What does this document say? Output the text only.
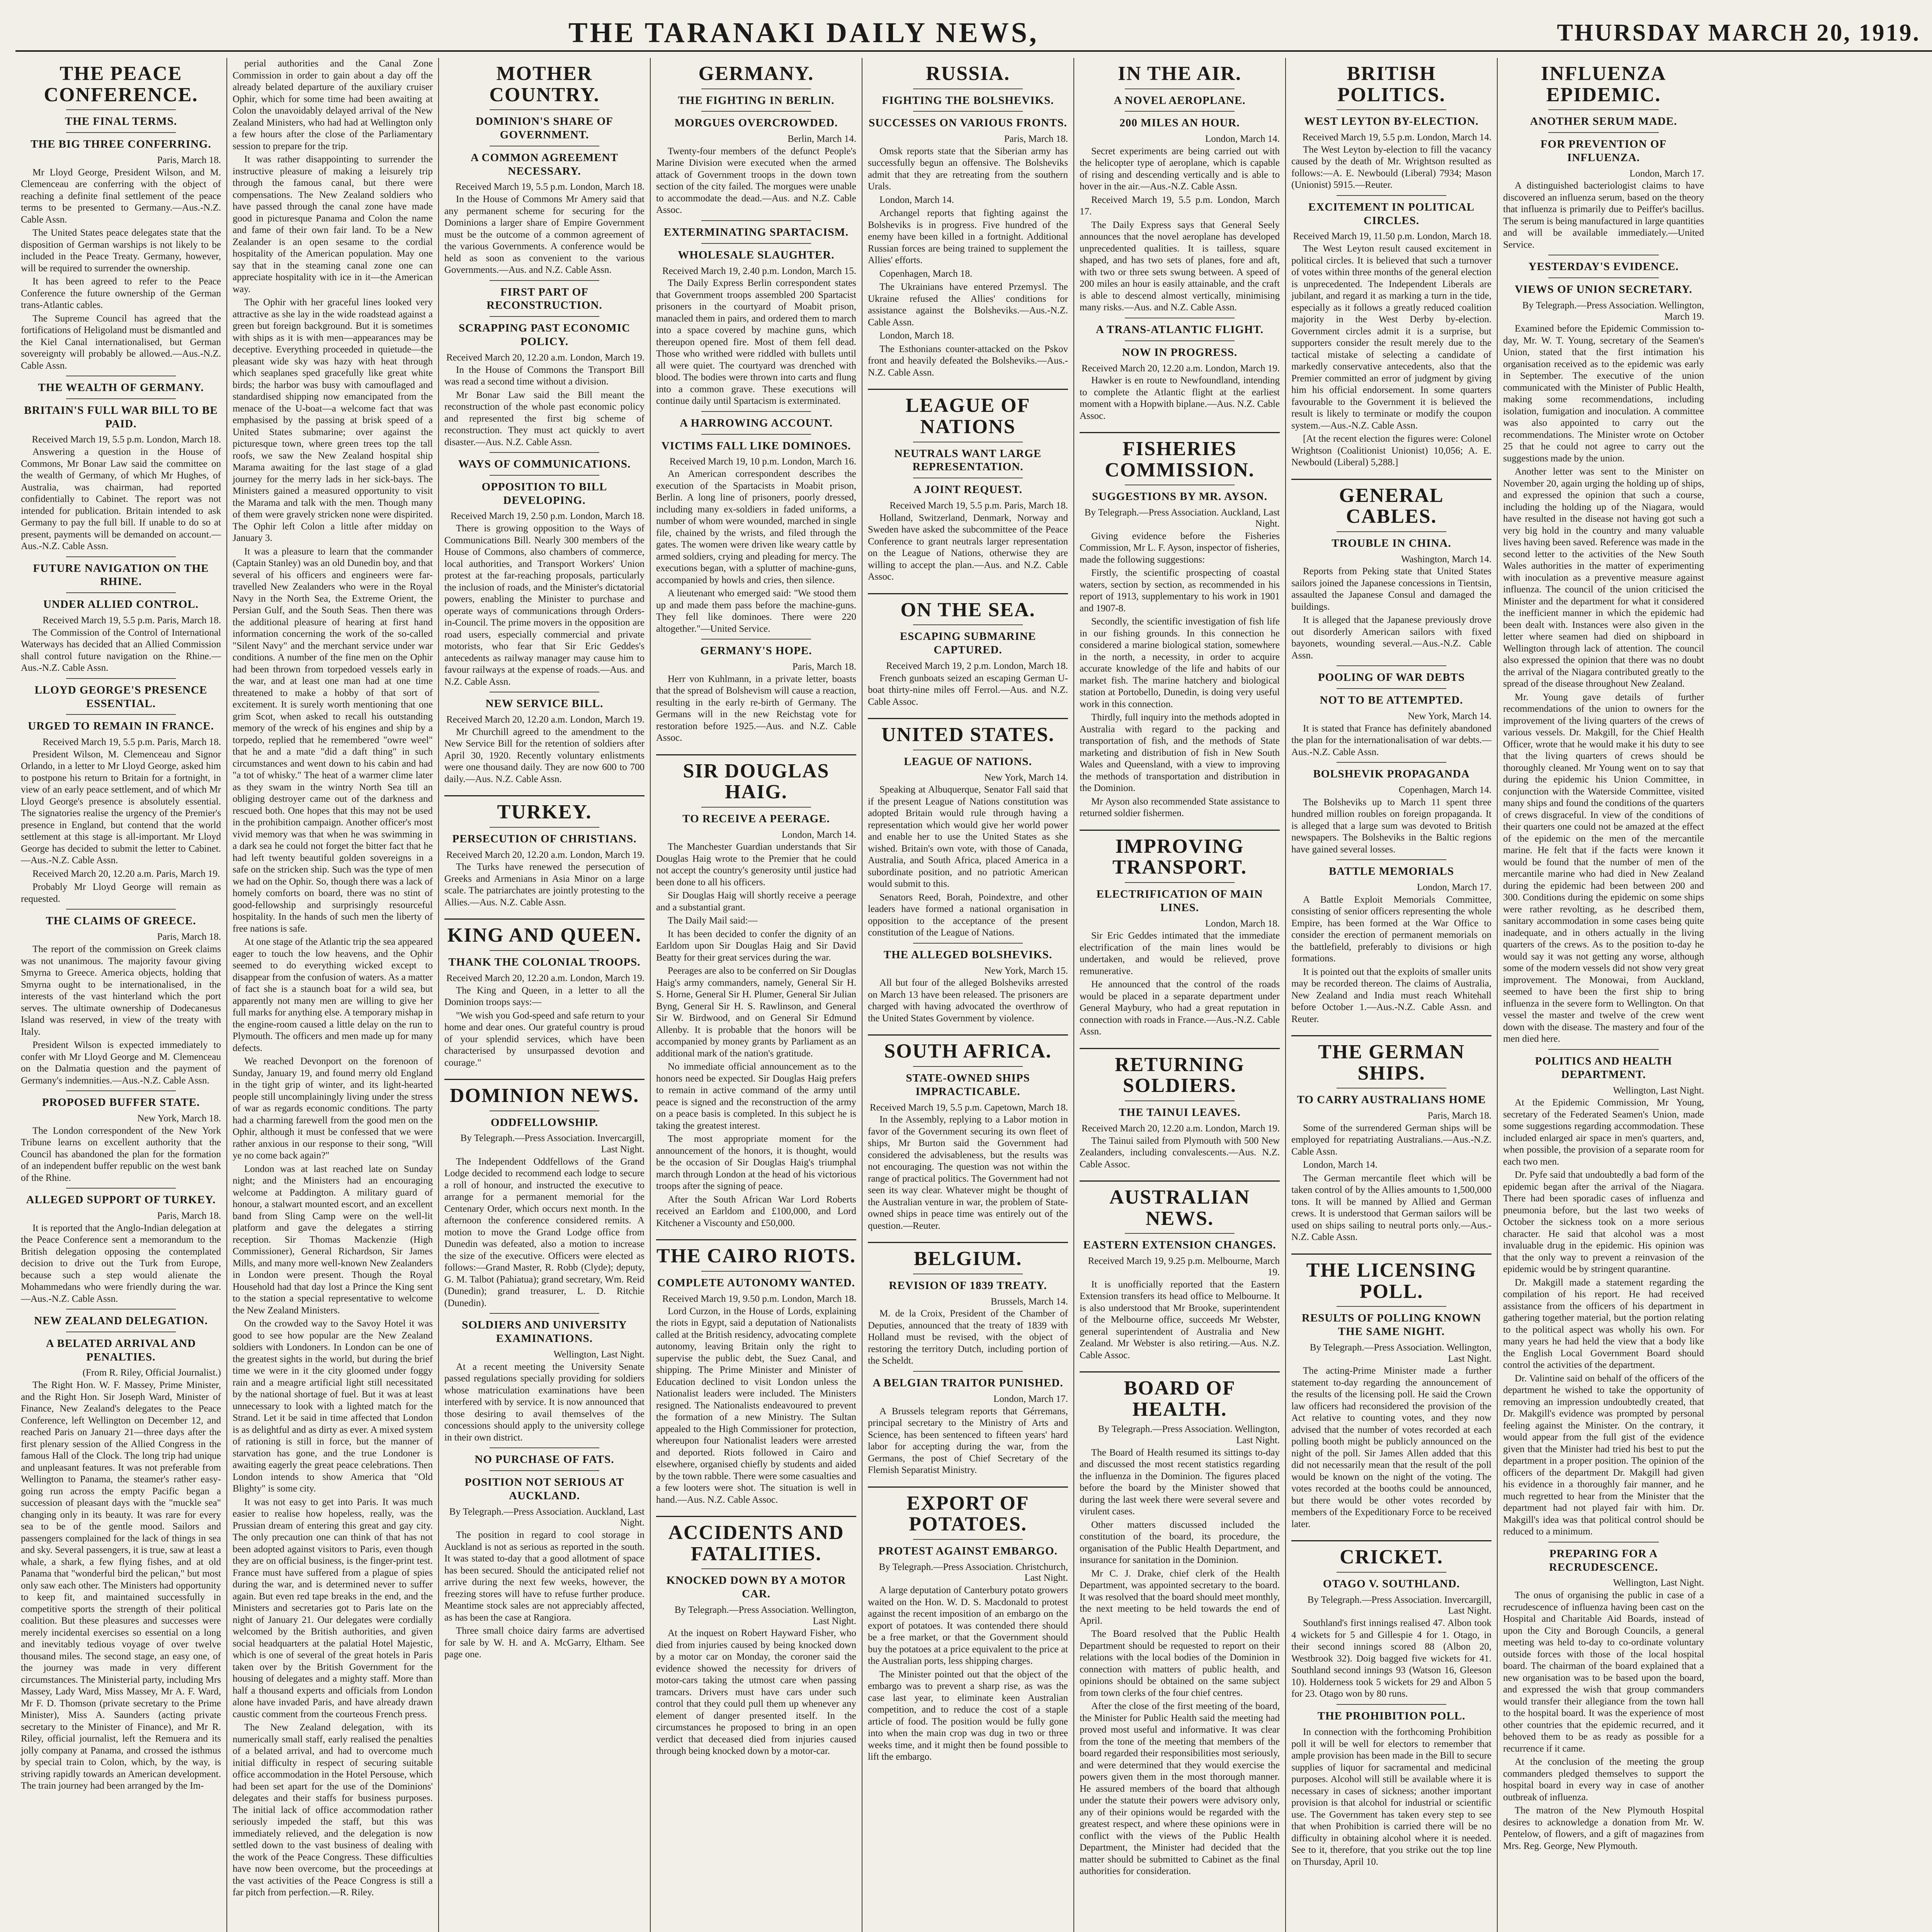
THE TARANAKI DAILY NEWS,	THURSDAY MARCH 20, 1919.
THE PEACE CONFERENCE.
THE FINAL TERMS.
THE BIG THREE CONFERRING.
Paris, March 18.

Mr Lloyd George, President Wilson, and M. Clemenceau are conferring with the object of reaching a definite final settlement of the peace terms to be presented to Germany.—Aus.-N.Z. Cable Assn.

The United States peace delegates state that the disposition of German warships is not likely to be included in the Peace Treaty. Germany, however, will be required to surrender the ownership.

It has been agreed to refer to the Peace Conference the future ownership of the German trans-Atlantic cables.

The Supreme Council has agreed that the fortifications of Heligoland must be dismantled and the Kiel Canal internationalised, but German sovereignty will probably be allowed.—Aus.-N.Z. Cable Assn.

THE WEALTH OF GERMANY.
BRITAIN'S FULL WAR BILL TO BE PAID.
Received March 19, 5.5 p.m. London, March 18.

Answering a question in the House of Commons, Mr Bonar Law said the committee on the wealth of Germany, of which Mr Hughes, of Australia, was chairman, had reported confidentially to Cabinet. The report was not intended for publication. Britain intended to ask Germany to pay the full bill. If unable to do so at present, payments will be demanded on account.—Aus.-N.Z. Cable Assn.

FUTURE NAVIGATION ON THE RHINE.
UNDER ALLIED CONTROL.
Received March 19, 5.5 p.m. Paris, March 18.

The Commission of the Control of International Waterways has decided that an Allied Commission shall control future navigation on the Rhine.—Aus.-N.Z. Cable Assn.

LLOYD GEORGE'S PRESENCE ESSENTIAL.
URGED TO REMAIN IN FRANCE.
Received March 19, 5.5 p.m. Paris, March 18.

President Wilson, M. Clemenceau and Signor Orlando, in a letter to Mr Lloyd George, asked him to postpone his return to Britain for a fortnight, in view of an early peace settlement, and of which Mr Lloyd George's presence is absolutely essential. The signatories realise the urgency of the Premier's presence in England, but contend that the world settlement at this stage is all-important. Mr Lloyd George has decided to submit the letter to Cabinet.—Aus.-N.Z. Cable Assn.

Received March 20, 12.20 a.m. Paris, March 19.

Probably Mr Lloyd George will remain as requested.

THE CLAIMS OF GREECE.
Paris, March 18.

The report of the commission on Greek claims was not unanimous. The majority favour giving Smyrna to Greece. America objects, holding that Smyrna ought to be internationalised, in the interests of the vast hinterland which the port serves. The ultimate ownership of Dodecanesus Island was reserved, in view of the treaty with Italy.

President Wilson is expected immediately to confer with Mr Lloyd George and M. Clemenceau on the Dalmatia question and the payment of Germany's indemnities.—Aus.-N.Z. Cable Assn.

PROPOSED BUFFER STATE.
New York, March 18.

The London correspondent of the New York Tribune learns on excellent authority that the Council has abandoned the plan for the formation of an independent buffer republic on the west bank of the Rhine.

ALLEGED SUPPORT OF TURKEY.
Paris, March 18.

It is reported that the Anglo-Indian delegation at the Peace Conference sent a memorandum to the British delegation opposing the contemplated decision to drive out the Turk from Europe, because such a step would alienate the Mohammedans who were friendly during the war.—Aus.-N.Z. Cable Assn.

NEW ZEALAND DELEGATION.
A BELATED ARRIVAL AND PENALTIES.
(From R. Riley, Official Journalist.)

The Right Hon. W. F. Massey, Prime Minister, and the Right Hon. Sir Joseph Ward, Minister of Finance, New Zealand's delegates to the Peace Conference, left Wellington on December 12, and reached Paris on January 21—three days after the first plenary session of the Allied Congress in the famous Hall of the Clock. The long trip had unique and unpleasant features. It was not preferable from Wellington to Panama, the steamer's rather easy-going run across the empty Pacific began a succession of pleasant days with the "muckle sea" changing only in its beauty. It was rare for every sea to be of the gentle mood. Sailors and passengers complained for the lack of things in sea and sky. Several passengers, it is true, saw at least a whale, a shark, a few flying fishes, and at old Panama that "wonderful bird the pelican," but most only saw each other. The Ministers had opportunity to keep fit, and maintained successfully in competitive sports the strength of their political coalition. But these pleasures and successes were merely incidental exercises so essential on a long and inevitably tedious voyage of over twelve thousand miles. The second stage, an easy one, of the journey was made in very different circumstances. The Ministerial party, including Mrs Massey, Lady Ward, Miss Massey, Mr A. F. Ward, Mr F. D. Thomson (private secretary to the Prime Minister), Miss A. Saunders (acting private secretary to the Minister of Finance), and Mr R. Riley, official journalist, left the Remuera and its jolly company at Panama, and crossed the isthmus by special train to Colon, which, by the way, is striving rapidly towards an American development. The train journey had been arranged by the Im-

perial authorities and the Canal Zone Commission in order to gain about a day off the already belated departure of the auxiliary cruiser Ophir, which for some time had been awaiting at Colon the unavoidably delayed arrival of the New Zealand Ministers, who had had at Wellington only a few hours after the close of the Parliamentary session to prepare for the trip.

It was rather disappointing to surrender the instructive pleasure of making a leisurely trip through the famous canal, but there were compensations. The New Zealand soldiers who have passed through the canal zone have made good in picturesque Panama and Colon the name and fame of their own fair land. To be a New Zealander is an open sesame to the cordial hospitality of the American population. May one say that in the steaming canal zone one can appreciate hospitality with ice in it—the American way.

The Ophir with her graceful lines looked very attractive as she lay in the wide roadstead against a green but foreign background. But it is sometimes with ships as it is with men—appearances may be deceptive. Everything proceeded in quietude—the pleasant wide sky was hazy with heat through which seaplanes sped gracefully like great white birds; the harbor was busy with camouflaged and standardised shipping now emancipated from the menace of the U-boat—a welcome fact that was emphasised by the passing at brisk speed of a United States submarine; over against the picturesque town, where green trees top the tall roofs, we saw the New Zealand hospital ship Marama awaiting for the last stage of a glad journey for the merry lads in her sick-bays. The Ministers gained a measured opportunity to visit the Marama and talk with the men. Though many of them were gravely stricken none were dispirited. The Ophir left Colon a little after midday on January 3.

It was a pleasure to learn that the commander (Captain Stanley) was an old Dunedin boy, and that several of his officers and engineers were far-travelled New Zealanders who were in the Royal Navy in the North Sea, the Extreme Orient, the Persian Gulf, and the South Seas. Then there was the additional pleasure of hearing at first hand information concerning the work of the so-called "Silent Navy" and the merchant service under war conditions. A number of the fine men on the Ophir had been thrown from torpedoed vessels early in the war, and at least one man had at one time threatened to make a hobby of that sort of excitement. It is surely worth mentioning that one grim Scot, when asked to recall his outstanding memory of the wreck of his engines and ship by a torpedo, replied that he remembered "owre weel" that he and a mate "did a daft thing" in such circumstances and went down to his cabin and had "a tot of whisky." The heat of a warmer clime later as they swam in the wintry North Sea till an obliging destroyer came out of the darkness and rescued both. One hopes that this may not be used in the prohibition campaign. Another officer's most vivid memory was that when he was swimming in a dark sea he could not forget the bitter fact that he had left twenty beautiful golden sovereigns in a safe on the stricken ship. Such was the type of men we had on the Ophir. So, though there was a lack of homely comforts on board, there was no stint of good-fellowship and surprisingly resourceful hospitality. In the hands of such men the liberty of free nations is safe.

At one stage of the Atlantic trip the sea appeared eager to touch the low heavens, and the Ophir seemed to do everything wicked except to disappear from the confusion of waters. As a matter of fact she is a staunch boat for a wild sea, but apparently not many men are willing to give her full marks for anything else. A temporary mishap in the engine-room caused a little delay on the run to Plymouth. The officers and men made up for many defects.

We reached Devonport on the forenoon of Sunday, January 19, and found merry old England in the tight grip of winter, and its light-hearted people still uncomplainingly living under the stress of war as regards economic conditions. The party had a charming farewell from the good men on the Ophir, although it must be confessed that we were rather anxious in our response to their song, "Will ye no come back again?"

London was at last reached late on Sunday night; and the Ministers had an encouraging welcome at Paddington. A military guard of honour, a stalwart mounted escort, and an excellent band from Sling Camp were on the well-lit platform and gave the delegates a stirring reception. Sir Thomas Mackenzie (High Commissioner), General Richardson, Sir James Mills, and many more well-known New Zealanders in London were present. Though the Royal Household had that day lost a Prince the King sent to the station a special representative to welcome the New Zealand Ministers.

On the crowded way to the Savoy Hotel it was good to see how popular are the New Zealand soldiers with Londoners. In London can be one of the greatest sights in the world, but during the brief time we were in it the city gloomed under foggy rain and a meagre artificial light still necessitated by the national shortage of fuel. But it was at least unnecessary to look with a lighted match for the Strand. Let it be said in time affected that London is as delightful and as dirty as ever. A mixed system of rationing is still in force, but the manner of starvation has gone, and the true Londoner is awaiting eagerly the great peace celebrations. Then London intends to show America that "Old Blighty" is some city.

It was not easy to get into Paris. It was much easier to realise how hopeless, really, was the Prussian dream of entering this great and gay city. The only precaution one can think of that has not been adopted against visitors to Paris, even though they are on official business, is the finger-print test. France must have suffered from a plague of spies during the war, and is determined never to suffer again. But even red tape breaks in the end, and the Ministers and secretaries got to Paris late on the night of January 21. Our delegates were cordially welcomed by the British authorities, and given social headquarters at the palatial Hotel Majestic, which is one of several of the great hotels in Paris taken over by the British Government for the housing of delegates and a mighty staff. More than half a thousand experts and officials from London alone have invaded Paris, and have already drawn caustic comment from the courteous French press.

The New Zealand delegation, with its numerically small staff, early realised the penalties of a belated arrival, and had to overcome much initial difficulty in respect of securing suitable office accommodation in the Hotel Persouse, which had been set apart for the use of the Dominions' delegates and their staffs for business purposes. The initial lack of office accommodation rather seriously impeded the staff, but this was immediately relieved, and the delegation is now settled down to the vast business of dealing with the work of the Peace Congress. These difficulties have now been overcome, but the proceedings at the vast activities of the Peace Congress is still a far pitch from perfection.—R. Riley.

MOTHER COUNTRY.
DOMINION'S SHARE OF GOVERNMENT.
A COMMON AGREEMENT NECESSARY.
Received March 19, 5.5 p.m. London, March 18.

In the House of Commons Mr Amery said that any permanent scheme for securing for the Dominions a larger share of Empire Government must be the outcome of a common agreement of the various Governments. A conference would be held as soon as convenient to the various Governments.—Aus. and N.Z. Cable Assn.

FIRST PART OF RECONSTRUCTION.
SCRAPPING PAST ECONOMIC POLICY.
Received March 20, 12.20 a.m. London, March 19.

In the House of Commons the Transport Bill was read a second time without a division.

Mr Bonar Law said the Bill meant the reconstruction of the whole past economic policy and represented the first big scheme of reconstruction. They must act quickly to avert disaster.—Aus. N.Z. Cable Assn.

WAYS OF COMMUNICATIONS.
OPPOSITION TO BILL DEVELOPING.
Received March 19, 2.50 p.m. London, March 18.

There is growing opposition to the Ways of Communications Bill. Nearly 300 members of the House of Commons, also chambers of commerce, local authorities, and Transport Workers' Union protest at the far-reaching proposals, particularly the inclusion of roads, and the Minister's dictatorial powers, enabling the Minister to purchase and operate ways of communications through Orders-in-Council. The prime movers in the opposition are road users, especially commercial and private motorists, who fear that Sir Eric Geddes's antecedents as railway manager may cause him to favour railways at the expense of roads.—Aus. and N.Z. Cable Assn.

NEW SERVICE BILL.
Received March 20, 12.20 a.m. London, March 19.

Mr Churchill agreed to the amendment to the New Service Bill for the retention of soldiers after April 30, 1920. Recently voluntary enlistments were one thousand daily. They are now 600 to 700 daily.—Aus. N.Z. Cable Assn.

TURKEY.
PERSECUTION OF CHRISTIANS.
Received March 20, 12.20 a.m. London, March 19.

The Turks have renewed the persecution of Greeks and Armenians in Asia Minor on a large scale. The patriarchates are jointly protesting to the Allies.—Aus. N.Z. Cable Assn.

KING AND QUEEN.
THANK THE COLONIAL TROOPS.
Received March 20, 12.20 a.m. London, March 19.

The King and Queen, in a letter to all the Dominion troops says:—

"We wish you God-speed and safe return to your home and dear ones. Our grateful country is proud of your splendid services, which have been characterised by unsurpassed devotion and courage."

DOMINION NEWS.
ODDFELLOWSHIP.
By Telegraph.—Press Association. Invercargill, Last Night.

The Independent Oddfellows of the Grand Lodge decided to recommend each lodge to secure a roll of honour, and instructed the executive to arrange for a permanent memorial for the Centenary Order, which occurs next month. In the afternoon the conference considered remits. A motion to move the Grand Lodge office from Dunedin was defeated, also a motion to increase the size of the executive. Officers were elected as follows:—Grand Master, R. Robb (Clyde); deputy, G. M. Talbot (Pahiatua); grand secretary, Wm. Reid (Dunedin); grand treasurer, L. D. Ritchie (Dunedin).

SOLDIERS AND UNIVERSITY EXAMINATIONS.
Wellington, Last Night.

At a recent meeting the University Senate passed regulations specially providing for soldiers whose matriculation examinations have been interfered with by service. It is now announced that those desiring to avail themselves of the concessions should apply to the university college in their own district.

NO PURCHASE OF FATS.
POSITION NOT SERIOUS AT AUCKLAND.
By Telegraph.—Press Association. Auckland, Last Night.

The position in regard to cool storage in Auckland is not as serious as reported in the south. It was stated to-day that a good allotment of space has been secured. Should the anticipated relief not arrive during the next few weeks, however, the freezing stores will have to refuse further produce. Meantime stock sales are not appreciably affected, as has been the case at Rangiora.

Three small choice dairy farms are advertised for sale by W. H. and A. McGarry, Eltham. See page one.

GERMANY.
THE FIGHTING IN BERLIN.
MORGUES OVERCROWDED.
Berlin, March 14.

Twenty-four members of the defunct People's Marine Division were executed when the armed attack of Government troops in the down town section of the city failed. The morgues were unable to accommodate the dead.—Aus. and N.Z. Cable Assoc.

EXTERMINATING SPARTACISM.
WHOLESALE SLAUGHTER.
Received March 19, 2.40 p.m. London, March 15.

The Daily Express Berlin correspondent states that Government troops assembled 200 Spartacist prisoners in the courtyard of Moabit prison, manacled them in pairs, and ordered them to march into a space covered by machine guns, which thereupon opened fire. Most of them fell dead. Those who writhed were riddled with bullets until all were quiet. The courtyard was drenched with blood. The bodies were thrown into carts and flung into a common grave. These executions will continue daily until Spartacism is exterminated.

A HARROWING ACCOUNT.
VICTIMS FALL LIKE DOMINOES.
Received March 19, 10 p.m. London, March 16.

An American correspondent describes the execution of the Spartacists in Moabit prison, Berlin. A long line of prisoners, poorly dressed, including many ex-soldiers in faded uniforms, a number of whom were wounded, marched in single file, chained by the wrists, and filed through the gates. The women were driven like weary cattle by armed soldiers, crying and pleading for mercy. The executions began, with a splutter of machine-guns, accompanied by howls and cries, then silence.

A lieutenant who emerged said: "We stood them up and made them pass before the machine-guns. They fell like dominoes. There were 220 altogether."—United Service.

GERMANY'S HOPE.
Paris, March 18.

Herr von Kuhlmann, in a private letter, boasts that the spread of Bolshevism will cause a reaction, resulting in the early re-birth of Germany. The Germans will in the new Reichstag vote for restoration before 1925.—Aus. and N.Z. Cable Assoc.

SIR DOUGLAS HAIG.
TO RECEIVE A PEERAGE.
London, March 14.

The Manchester Guardian understands that Sir Douglas Haig wrote to the Premier that he could not accept the country's generosity until justice had been done to all his officers.

Sir Douglas Haig will shortly receive a peerage and a substantial grant.

The Daily Mail said:—

It has been decided to confer the dignity of an Earldom upon Sir Douglas Haig and Sir David Beatty for their great services during the war.

Peerages are also to be conferred on Sir Douglas Haig's army commanders, namely, General Sir H. S. Horne, General Sir H. Plumer, General Sir Julian Byng, General Sir H. S. Rawlinson, and General Sir W. Birdwood, and on General Sir Edmund Allenby. It is probable that the honors will be accompanied by money grants by Parliament as an additional mark of the nation's gratitude.

No immediate official announcement as to the honors need be expected. Sir Douglas Haig prefers to remain in active command of the army until peace is signed and the reconstruction of the army on a peace basis is completed. In this subject he is taking the greatest interest.

The most appropriate moment for the announcement of the honors, it is thought, would be the occasion of Sir Douglas Haig's triumphal march through London at the head of his victorious troops after the signing of peace.

After the South African War Lord Roberts received an Earldom and £100,000, and Lord Kitchener a Viscounty and £50,000.

THE CAIRO RIOTS.
COMPLETE AUTONOMY WANTED.
Received March 19, 9.50 p.m. London, March 18.

Lord Curzon, in the House of Lords, explaining the riots in Egypt, said a deputation of Nationalists called at the British residency, advocating complete autonomy, leaving Britain only the right to supervise the public debt, the Suez Canal, and shipping. The Prime Minister and Minister of Education declined to visit London unless the Nationalist leaders were included. The Ministers resigned. The Nationalists endeavoured to prevent the formation of a new Ministry. The Sultan appealed to the High Commissioner for protection, whereupon four Nationalist leaders were arrested and deported. Riots followed in Cairo and elsewhere, organised chiefly by students and aided by the town rabble. There were some casualties and a few looters were shot. The situation is well in hand.—Aus. N.Z. Cable Assoc.

ACCIDENTS AND FATALITIES.
KNOCKED DOWN BY A MOTOR CAR.
By Telegraph.—Press Association. Wellington, Last Night.

At the inquest on Robert Hayward Fisher, who died from injuries caused by being knocked down by a motor car on Monday, the coroner said the evidence showed the necessity for drivers of motor-cars taking the utmost care when passing tramcars. Drivers must have cars under such control that they could pull them up whenever any element of danger presented itself. In the circumstances he proposed to bring in an open verdict that deceased died from injuries caused through being knocked down by a motor-car.

RUSSIA.
FIGHTING THE BOLSHEVIKS.
SUCCESSES ON VARIOUS FRONTS.
Paris, March 18.

Omsk reports state that the Siberian army has successfully begun an offensive. The Bolsheviks admit that they are retreating from the southern Urals.

London, March 14.

Archangel reports that fighting against the Bolsheviks is in progress. Five hundred of the enemy have been killed in a fortnight. Additional Russian forces are being trained to supplement the Allies' efforts.

Copenhagen, March 18.

The Ukrainians have entered Przemysl. The Ukraine refused the Allies' conditions for assistance against the Bolsheviks.—Aus.-N.Z. Cable Assn.

London, March 18.

The Esthonians counter-attacked on the Pskov front and heavily defeated the Bolsheviks.—Aus.-N.Z. Cable Assn.

LEAGUE OF NATIONS
NEUTRALS WANT LARGE REPRESENTATION.
A JOINT REQUEST.
Received March 19, 5.5 p.m. Paris, March 18.

Holland, Switzerland, Denmark, Norway and Sweden have asked the subcommittee of the Peace Conference to grant neutrals larger representation on the League of Nations, otherwise they are willing to accept the plan.—Aus. and N.Z. Cable Assoc.

ON THE SEA.
ESCAPING SUBMARINE CAPTURED.
Received March 19, 2 p.m. London, March 18.

French gunboats seized an escaping German U-boat thirty-nine miles off Ferrol.—Aus. and N.Z. Cable Assoc.

UNITED STATES.
LEAGUE OF NATIONS.
New York, March 14.

Speaking at Albuquerque, Senator Fall said that if the present League of Nations constitution was adopted Britain would rule through having a representation which would give her world power and enable her to use the United States as she wished. Britain's own vote, with those of Canada, Australia, and South Africa, placed America in a subordinate position, and no patriotic American would submit to this.

Senators Reed, Borah, Poindextre, and other leaders have formed a national organisation in opposition to the acceptance of the present constitution of the League of Nations.

THE ALLEGED BOLSHEVIKS.
New York, March 15.

All but four of the alleged Bolsheviks arrested on March 13 have been released. The prisoners are charged with having advocated the overthrow of the United States Government by violence.

SOUTH AFRICA.
STATE-OWNED SHIPS IMPRACTICABLE.
Received March 19, 5.5 p.m. Capetown, March 18.

In the Assembly, replying to a Labor motion in favor of the Government securing its own fleet of ships, Mr Burton said the Government had considered the advisableness, but the results was not encouraging. The question was not within the range of practical politics. The Government had not seen its way clear. Whatever might be thought of the Australian venture in war, the problem of State-owned ships in peace time was entirely out of the question.—Reuter.

BELGIUM.
REVISION OF 1839 TREATY.
Brussels, March 14.

M. de la Croix, President of the Chamber of Deputies, announced that the treaty of 1839 with Holland must be revised, with the object of restoring the territory Dutch, including portion of the Scheldt.

A BELGIAN TRAITOR PUNISHED.
London, March 17.

A Brussels telegram reports that Gérremans, principal secretary to the Ministry of Arts and Science, has been sentenced to fifteen years' hard labor for accepting during the war, from the Germans, the post of Chief Secretary of the Flemish Separatist Ministry.

EXPORT OF POTATOES.
PROTEST AGAINST EMBARGO.
By Telegraph.—Press Association. Christchurch, Last Night.

A large deputation of Canterbury potato growers waited on the Hon. W. D. S. Macdonald to protest against the recent imposition of an embargo on the export of potatoes. It was contended there should be a free market, or that the Government should buy the potatoes at a price equivalent to the price at the Australian ports, less shipping charges.

The Minister pointed out that the object of the embargo was to prevent a sharp rise, as was the case last year, to eliminate keen Australian competition, and to reduce the cost of a staple article of food. The position would be fully gone into when the main crop was dug in two or three weeks time, and it might then be found possible to lift the embargo.

IN THE AIR.
A NOVEL AEROPLANE.
200 MILES AN HOUR.
London, March 14.

Secret experiments are being carried out with the helicopter type of aeroplane, which is capable of rising and descending vertically and is able to hover in the air.—Aus.-N.Z. Cable Assn.

Received March 19, 5.5 p.m. London, March 17.

The Daily Express says that General Seely announces that the novel aeroplane has developed unprecedented qualities. It is tailless, square shaped, and has two sets of planes, fore and aft, with two or three sets swung between. A speed of 200 miles an hour is easily attainable, and the craft is able to descend almost vertically, minimising many risks.—Aus. and N.Z. Cable Assn.

A TRANS-ATLANTIC FLIGHT.
NOW IN PROGRESS.
Received March 20, 12.20 a.m. London, March 19.

Hawker is en route to Newfoundland, intending to complete the Atlantic flight at the earliest moment with a Hopwith biplane.—Aus. N.Z. Cable Assoc.

FISHERIES COMMISSION.
SUGGESTIONS BY MR. AYSON.
By Telegraph.—Press Association. Auckland, Last Night.

Giving evidence before the Fisheries Commission, Mr L. F. Ayson, inspector of fisheries, made the following suggestions:

Firstly, the scientific prospecting of coastal waters, section by section, as recommended in his report of 1913, supplementary to his work in 1901 and 1907-8.

Secondly, the scientific investigation of fish life in our fishing grounds. In this connection he considered a marine biological station, somewhere in the north, a necessity, in order to acquire accurate knowledge of the life and habits of our market fish. The marine hatchery and biological station at Portobello, Dunedin, is doing very useful work in this connection.

Thirdly, full inquiry into the methods adopted in Australia with regard to the packing and transportation of fish, and the methods of State marketing and distribution of fish in New South Wales and Queensland, with a view to improving the methods of transportation and distribution in the Dominion.

Mr Ayson also recommended State assistance to returned soldier fishermen.

IMPROVING TRANSPORT.
ELECTRIFICATION OF MAIN LINES.
London, March 18.

Sir Eric Geddes intimated that the immediate electrification of the main lines would be undertaken, and would be relieved, prove remunerative.

He announced that the control of the roads would be placed in a separate department under General Maybury, who had a great reputation in connection with roads in France.—Aus.-N.Z. Cable Assn.

RETURNING SOLDIERS.
THE TAINUI LEAVES.
Received March 20, 12.20 a.m. London, March 19.

The Tainui sailed from Plymouth with 500 New Zealanders, including convalescents.—Aus. N.Z. Cable Assoc.

AUSTRALIAN NEWS.
EASTERN EXTENSION CHANGES.
Received March 19, 9.25 p.m. Melbourne, March 19.

It is unofficially reported that the Eastern Extension transfers its head office to Melbourne. It is also understood that Mr Brooke, superintendent of the Melbourne office, succeeds Mr Webster, general superintendent of Australia and New Zealand. Mr Webster is also retiring.—Aus. N.Z. Cable Assoc.

BOARD OF HEALTH.
By Telegraph.—Press Association. Wellington, Last Night.

The Board of Health resumed its sittings to-day and discussed the most recent statistics regarding the influenza in the Dominion. The figures placed before the board by the Minister showed that during the last week there were several severe and virulent cases.

Other matters discussed included the constitution of the board, its procedure, the organisation of the Public Health Department, and insurance for sanitation in the Dominion.

Mr C. J. Drake, chief clerk of the Health Department, was appointed secretary to the board. It was resolved that the board should meet monthly, the next meeting to be held towards the end of April.

The Board resolved that the Public Health Department should be requested to report on their relations with the local bodies of the Dominion in connection with matters of public health, and opinions should be obtained on the same subject from town clerks of the four chief centres.

After the close of the first meeting of the board, the Minister for Public Health said the meeting had proved most useful and informative. It was clear from the tone of the meeting that members of the board regarded their responsibilities most seriously, and were determined that they would exercise the powers given them in the most thorough manner. He assured members of the board that although under the statute their powers were advisory only, any of their opinions would be regarded with the greatest respect, and where these opinions were in conflict with the views of the Public Health Department, the Minister had decided that the matter should be submitted to Cabinet as the final authorities for consideration.

BRITISH POLITICS.
WEST LEYTON BY-ELECTION.
Received March 19, 5.5 p.m. London, March 14.

The West Leyton by-election to fill the vacancy caused by the death of Mr. Wrightson resulted as follows:—A. E. Newbould (Liberal) 7934; Mason (Unionist) 5915.—Reuter.

EXCITEMENT IN POLITICAL CIRCLES.
Received March 19, 11.50 p.m. London, March 18.

The West Leyton result caused excitement in political circles. It is believed that such a turnover of votes within three months of the general election is unprecedented. The Independent Liberals are jubilant, and regard it as marking a turn in the tide, especially as it follows a greatly reduced coalition majority in the West Derby by-election. Government circles admit it is a surprise, but supporters consider the result merely due to the tactical mistake of selecting a candidate of markedly conservative antecedents, also that the Premier committed an error of judgment by giving him his official endorsement. In some quarters favourable to the Government it is believed the result is likely to terminate or modify the coupon system.—Aus.-N.Z. Cable Assn.

[At the recent election the figures were: Colonel Wrightson (Coalitionist Unionist) 10,056; A. E. Newbould (Liberal) 5,288.]

GENERAL CABLES.
TROUBLE IN CHINA.
Washington, March 14.

Reports from Peking state that United States sailors joined the Japanese concessions in Tientsin, assaulted the Japanese Consul and damaged the buildings.

It is alleged that the Japanese previously drove out disorderly American sailors with fixed bayonets, wounding several.—Aus.-N.Z. Cable Assn.

POOLING OF WAR DEBTS
NOT TO BE ATTEMPTED.
New York, March 14.

It is stated that France has definitely abandoned the plan for the internationalisation of war debts.—Aus.-N.Z. Cable Assn.

BOLSHEVIK PROPAGANDA
Copenhagen, March 14.

The Bolsheviks up to March 11 spent three hundred million roubles on foreign propaganda. It is alleged that a large sum was devoted to British newspapers. The Bolsheviks in the Baltic regions have gained several losses.

BATTLE MEMORIALS
London, March 17.

A Battle Exploit Memorials Committee, consisting of senior officers representing the whole Empire, has been formed at the War Office to consider the erection of permanent memorials on the battlefield, preferably to divisions or high formations.

It is pointed out that the exploits of smaller units may be recorded thereon. The claims of Australia, New Zealand and India must reach Whitehall before October 1.—Aus.-N.Z. Cable Assn. and Reuter.

THE GERMAN SHIPS.
TO CARRY AUSTRALIANS HOME
Paris, March 18.

Some of the surrendered German ships will be employed for repatriating Australians.—Aus.-N.Z. Cable Assn.

London, March 14.

The German mercantile fleet which will be taken control of by the Allies amounts to 1,500,000 tons. It will be manned by Allied and German crews. It is understood that German sailors will be used on ships sailing to neutral ports only.—Aus.-N.Z. Cable Assn.

THE LICENSING POLL.
RESULTS OF POLLING KNOWN THE SAME NIGHT.
By Telegraph.—Press Association. Wellington, Last Night.

The acting-Prime Minister made a further statement to-day regarding the announcement of the results of the licensing poll. He said the Crown law officers had reconsidered the provision of the Act relative to counting votes, and they now advised that the number of votes recorded at each polling booth might be publicly announced on the night of the poll. Sir James Allen added that this did not necessarily mean that the result of the poll would be known on the night of the voting. The votes recorded at the booths could be announced, but there would be other votes recorded by members of the Expeditionary Force to be received later.

CRICKET.
OTAGO V. SOUTHLAND.
By Telegraph.—Press Association. Invercargill, Last Night.

Southland's first innings realised 47. Albon took 4 wickets for 5 and Gillespie 4 for 1. Otago, in their second innings scored 88 (Albon 20, Westbrook 32). Doig bagged five wickets for 41. Southland second innings 93 (Watson 16, Gleeson 10). Holderness took 5 wickets for 29 and Albon 5 for 23. Otago won by 80 runs.

THE PROHIBITION POLL.

In connection with the forthcoming Prohibition poll it will be well for electors to remember that ample provision has been made in the Bill to secure supplies of liquor for sacramental and medicinal purposes. Alcohol will still be available where it is necessary in cases of sickness; another important provision is that alcohol for industrial or scientific use. The Government has taken every step to see that when Prohibition is carried there will be no difficulty in obtaining alcohol where it is needed. See to it, therefore, that you strike out the top line on Thursday, April 10.

INFLUENZA EPIDEMIC.
ANOTHER SERUM MADE.
FOR PREVENTION OF INFLUENZA.
London, March 17.

A distinguished bacteriologist claims to have discovered an influenza serum, based on the theory that influenza is primarily due to Peiffer's bacillus. The serum is being manufactured in large quantities and will be available immediately.—United Service.

YESTERDAY'S EVIDENCE.
VIEWS OF UNION SECRETARY.
By Telegraph.—Press Association. Wellington, March 19.

Examined before the Epidemic Commission to-day, Mr. W. T. Young, secretary of the Seamen's Union, stated that the first intimation his organisation received as to the epidemic was early in September. The executive of the union communicated with the Minister of Public Health, making some recommendations, including isolation, fumigation and inoculation. A committee was also appointed to carry out the recommendations. The Minister wrote on October 25 that he could not agree to carry out the suggestions made by the union.

Another letter was sent to the Minister on November 20, again urging the holding up of ships, and expressed the opinion that such a course, including the holding up of the Niagara, would have resulted in the disease not having got such a very big hold in the country and many valuable lives having been saved. Reference was made in the second letter to the activities of the New South Wales authorities in the matter of experimenting with inoculation as a preventive measure against influenza. The council of the union criticised the Minister and the department for what it considered the inefficient manner in which the epidemic had been dealt with. Instances were also given in the letter where seamen had died on shipboard in Wellington through lack of attention. The council also expressed the opinion that there was no doubt the arrival of the Niagara contributed greatly to the spread of the disease throughout New Zealand.

Mr. Young gave details of further recommendations of the union to owners for the improvement of the living quarters of the crews of various vessels. Dr. Makgill, for the Chief Health Officer, wrote that he would make it his duty to see that the living quarters of crews should be thoroughly cleaned. Mr Young went on to say that during the epidemic his Union Committee, in conjunction with the Waterside Committee, visited many ships and found the conditions of the quarters of crews disgraceful. In view of the conditions of their quarters one could not be amazed at the effect of the epidemic on the men of the mercantile marine. He felt that if the facts were known it would be found that the number of men of the mercantile marine who had died in New Zealand during the epidemic had been between 200 and 300. Conditions during the epidemic on some ships were rather revolting, as he described them, sanitary accommodation in some cases being quite inadequate, and in others actually in the living quarters of the crews. As to the position to-day he would say it was not getting any worse, although some of the modern vessels did not show very great improvement. The Monowai, from Auckland, seemed to have been the first ship to bring influenza in the severe form to Wellington. On that vessel the master and twelve of the crew went down with the disease. The mastery and four of the men died here.

POLITICS AND HEALTH DEPARTMENT.
Wellington, Last Night.

At the Epidemic Commission, Mr Young, secretary of the Federated Seamen's Union, made some suggestions regarding accommodation. These included enlarged air space in men's quarters, and, when possible, the provision of a separate room for each two men.

Dr. Pyfe said that undoubtedly a bad form of the epidemic began after the arrival of the Niagara. There had been sporadic cases of influenza and pneumonia before, but the last two weeks of October the sickness took on a more serious character. He said that alcohol was a most invaluable drug in the epidemic. His opinion was that the only way to prevent a reinvasion of the epidemic would be by stringent quarantine.

Dr. Makgill made a statement regarding the compilation of his report. He had received assistance from the officers of his department in gathering together material, but the portion relating to the political aspect was wholly his own. For many years he had held the view that a body like the English Local Government Board should control the activities of the department.

Dr. Valintine said on behalf of the officers of the department he wished to take the opportunity of removing an impression undoubtedly created, that Dr. Makgill's evidence was prompted by personal feeling against the Minister. On the contrary, it would appear from the full gist of the evidence given that the Minister had tried his best to put the department in a proper position. The opinion of the officers of the department Dr. Makgill had given his evidence in a thoroughly fair manner, and he much regretted to hear from the Minister that the department had not played fair with him. Dr. Makgill's idea was that political control should be reduced to a minimum.

PREPARING FOR A RECRUDESCENCE.
Wellington, Last Night.

The onus of organising the public in case of a recrudescence of influenza having been cast on the Hospital and Charitable Aid Boards, instead of upon the City and Borough Councils, a general meeting was held to-day to co-ordinate voluntary outside forces with those of the local hospital board. The chairman of the board explained that a new organisation was to be based upon the board, and expressed the wish that group commanders would transfer their allegiance from the town hall to the hospital board. It was the experience of most other countries that the epidemic recurred, and it behoved them to be as ready as possible for a recurrence if it came.

At the conclusion of the meeting the group commanders pledged themselves to support the hospital board in every way in case of another outbreak of influenza.

The matron of the New Plymouth Hospital desires to acknowledge a donation from Mr. W. Pentelow, of flowers, and a gift of magazines from Mrs. Reg. George, New Plymouth.
